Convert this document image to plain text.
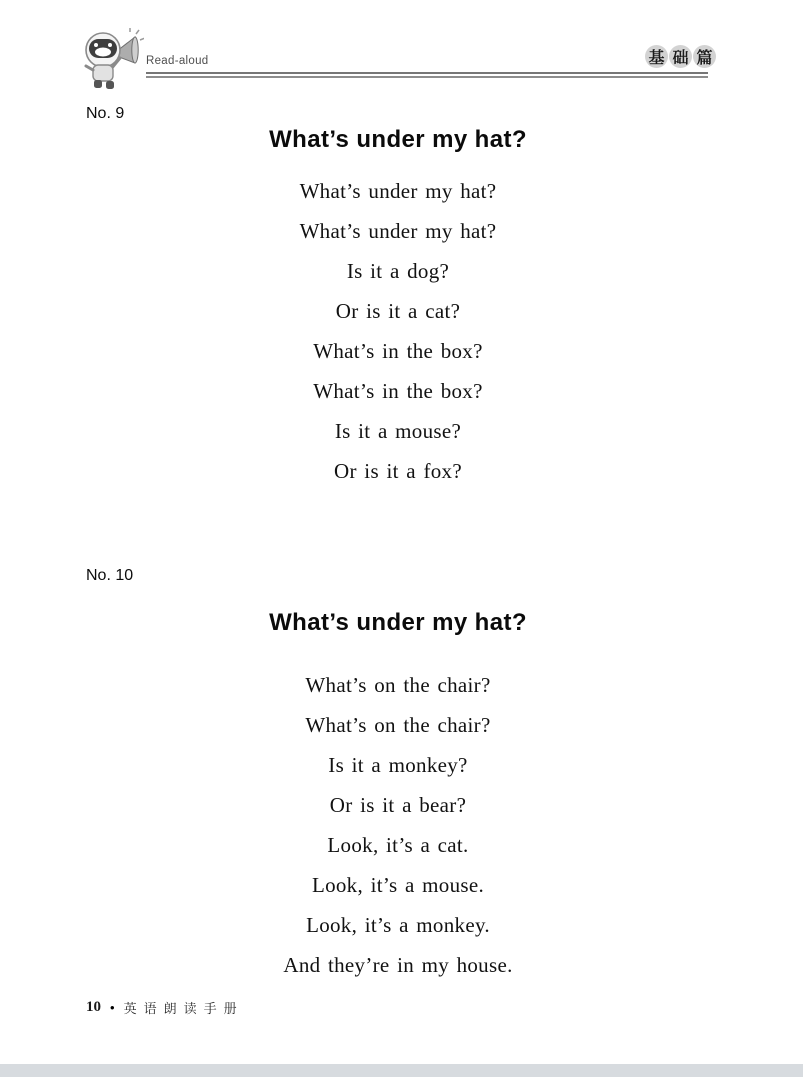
Read-aloud	基 础 篇
No. 9
What’s under my hat?
What’s under my hat?
What’s under my hat?
Is it a dog?
Or is it a cat?
What’s in the box?
What’s in the box?
Is it a mouse?
Or is it a fox?
No. 10
What’s under my hat?
What’s on the chair?
What’s on the chair?
Is it a monkey?
Or is it a bear?
Look, it’s a cat.
Look, it’s a mouse.
Look, it’s a monkey.
And they’re in my house.
10 • 英语朗读手册
